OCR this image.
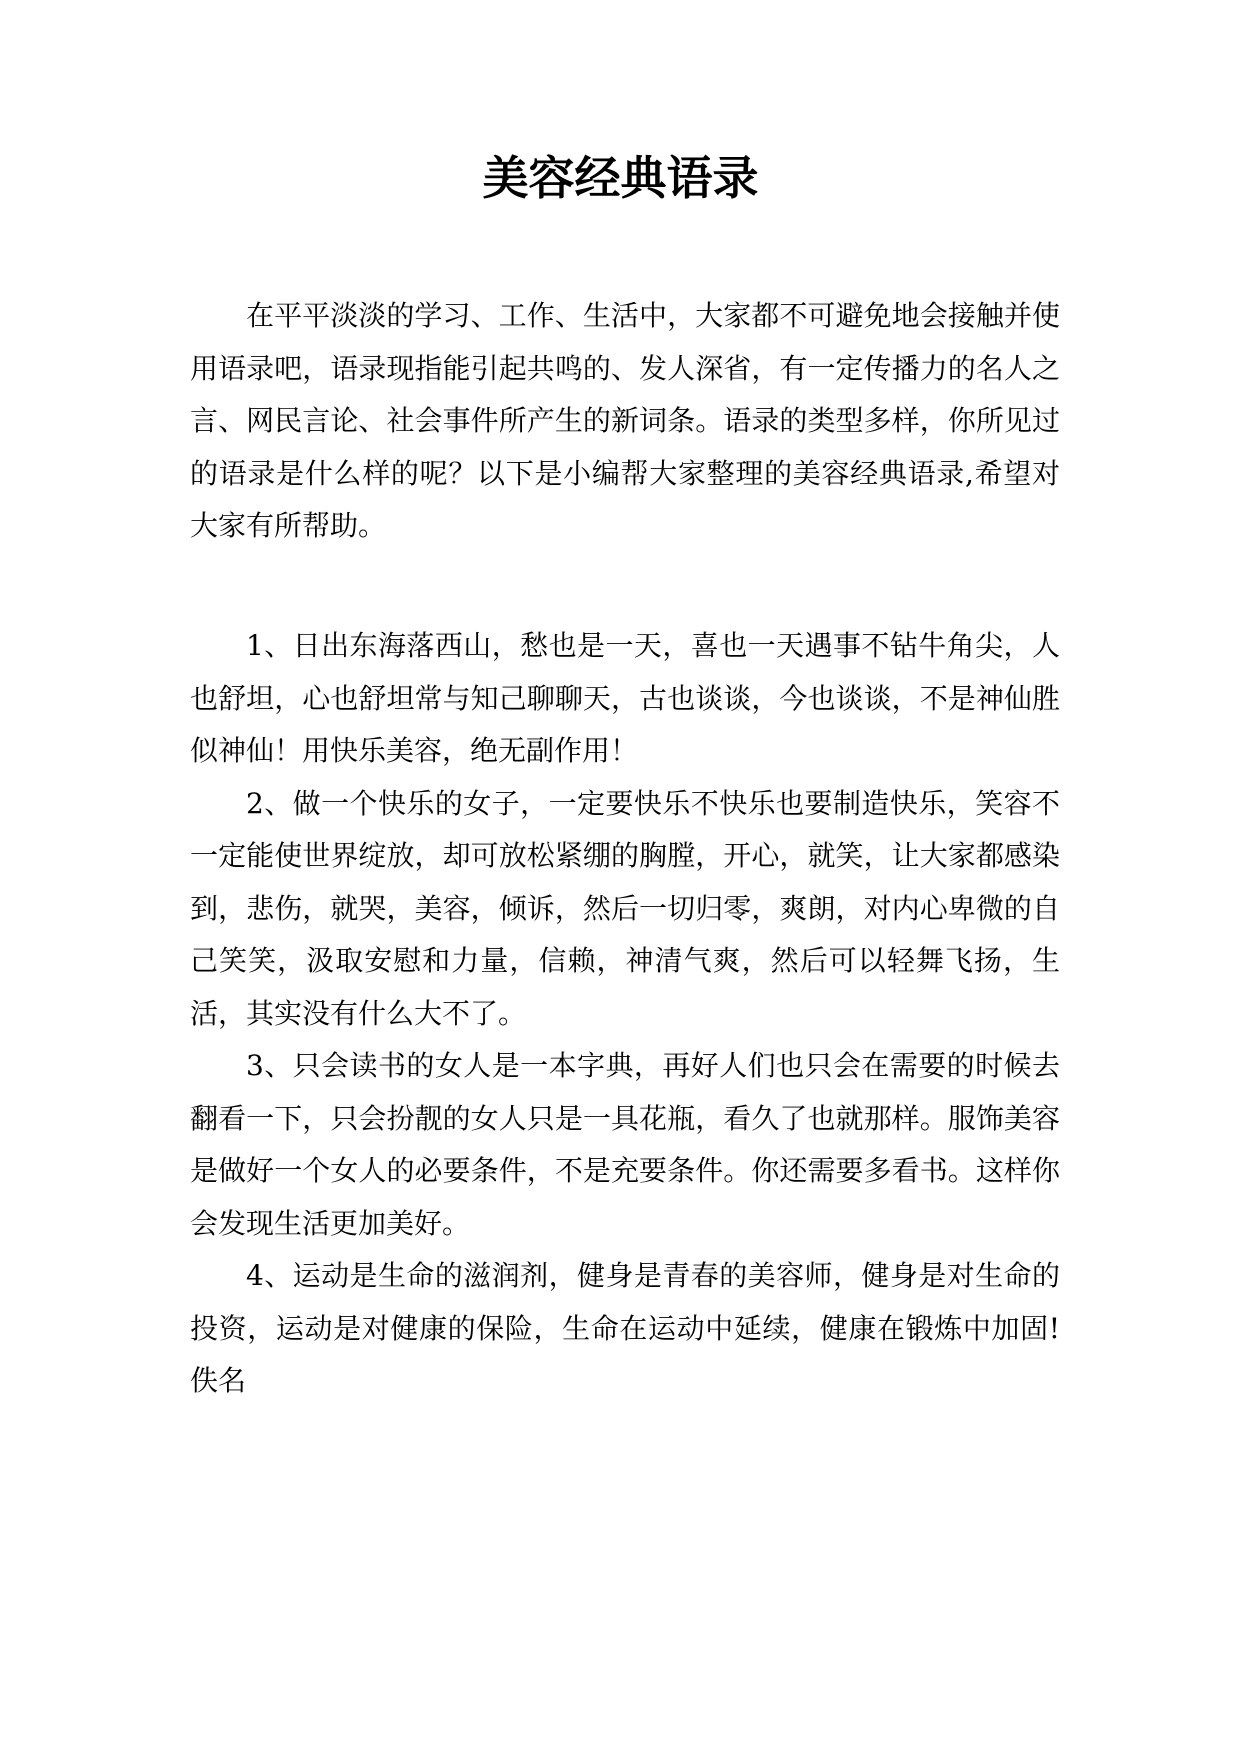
美容经典语录

在平平淡淡的学习、工作、生活中，大家都不可避免地会接触并使用语录吧，语录现指能引起共鸣的、发人深省，有一定传播力的名人之言、网民言论、社会事件所产生的新词条。语录的类型多样，你所见过的语录是什么样的呢？以下是小编帮大家整理的美容经典语录,希望对大家有所帮助。

1、日出东海落西山，愁也是一天，喜也一天遇事不钻牛角尖，人也舒坦，心也舒坦常与知己聊聊天，古也谈谈，今也谈谈，不是神仙胜似神仙！用快乐美容，绝无副作用！

2、做一个快乐的女子，一定要快乐不快乐也要制造快乐，笑容不一定能使世界绽放，却可放松紧绷的胸膛，开心，就笑，让大家都感染到，悲伤，就哭，美容，倾诉，然后一切归零，爽朗，对内心卑微的自己笑笑，汲取安慰和力量，信赖，神清气爽，然后可以轻舞飞扬，生活，其实没有什么大不了。

3、只会读书的女人是一本字典，再好人们也只会在需要的时候去翻看一下，只会扮靓的女人只是一具花瓶，看久了也就那样。服饰美容是做好一个女人的必要条件，不是充要条件。你还需要多看书。这样你会发现生活更加美好。

4、运动是生命的滋润剂，健身是青春的美容师，健身是对生命的投资，运动是对健康的保险，生命在运动中延续，健康在锻炼中加固!佚名
